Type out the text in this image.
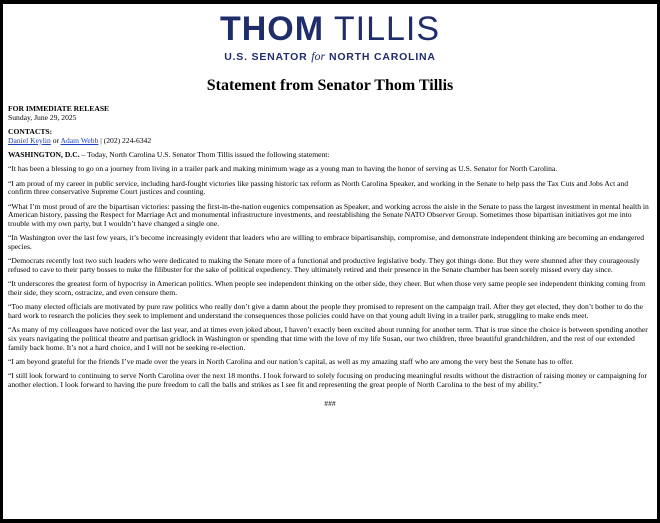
THOM TILLIS
U.S. SENATOR for NORTH CAROLINA
Statement from Senator Thom Tillis

FOR IMMEDIATE RELEASE
Sunday, June 29, 2025

CONTACTS:
Daniel Keylin or Adam Webb | (202) 224-6342

WASHINGTON, D.C. – Today, North Carolina U.S. Senator Thom Tillis issued the following statement:

“It has been a blessing to go on a journey from living in a trailer park and making minimum wage as a young man to having the honor of serving as U.S. Senator for North Carolina.

“I am proud of my career in public service, including hard-fought victories like passing historic tax reform as North Carolina Speaker, and working in the Senate to help pass the Tax Cuts and Jobs Act and confirm three conservative Supreme Court justices and counting.

“What I’m most proud of are the bipartisan victories: passing the first-in-the-nation eugenics compensation as Speaker, and working across the aisle in the Senate to pass the largest investment in mental health in American history, passing the Respect for Marriage Act and monumental infrastructure investments, and reestablishing the Senate NATO Observer Group. Sometimes those bipartisan initiatives got me into trouble with my own party, but I wouldn’t have changed a single one.

“In Washington over the last few years, it’s become increasingly evident that leaders who are willing to embrace bipartisanship, compromise, and demonstrate independent thinking are becoming an endangered species.

“Democrats recently lost two such leaders who were dedicated to making the Senate more of a functional and productive legislative body. They got things done. But they were shunned after they courageously refused to cave to their party bosses to nuke the filibuster for the sake of political expediency. They ultimately retired and their presence in the Senate chamber has been sorely missed every day since.

“It underscores the greatest form of hypocrisy in American politics. When people see independent thinking on the other side, they cheer. But when those very same people see independent thinking coming from their side, they scorn, ostracize, and even censure them.

“Too many elected officials are motivated by pure raw politics who really don’t give a damn about the people they promised to represent on the campaign trail. After they get elected, they don’t bother to do the hard work to research the policies they seek to implement and understand the consequences those policies could have on that young adult living in a trailer park, struggling to make ends meet.

“As many of my colleagues have noticed over the last year, and at times even joked about, I haven’t exactly been excited about running for another term. That is true since the choice is between spending another six years navigating the political theatre and partisan gridlock in Washington or spending that time with the love of my life Susan, our two children, three beautiful grandchildren, and the rest of our extended family back home. It’s not a hard choice, and I will not be seeking re-election.

“I am beyond grateful for the friends I’ve made over the years in North Carolina and our nation’s capital, as well as my amazing staff who are among the very best the Senate has to offer.

“I still look forward to continuing to serve North Carolina over the next 18 months. I look forward to solely focusing on producing meaningful results without the distraction of raising money or campaigning for another election. I look forward to having the pure freedom to call the balls and strikes as I see fit and representing the great people of North Carolina to the best of my ability.”

###
